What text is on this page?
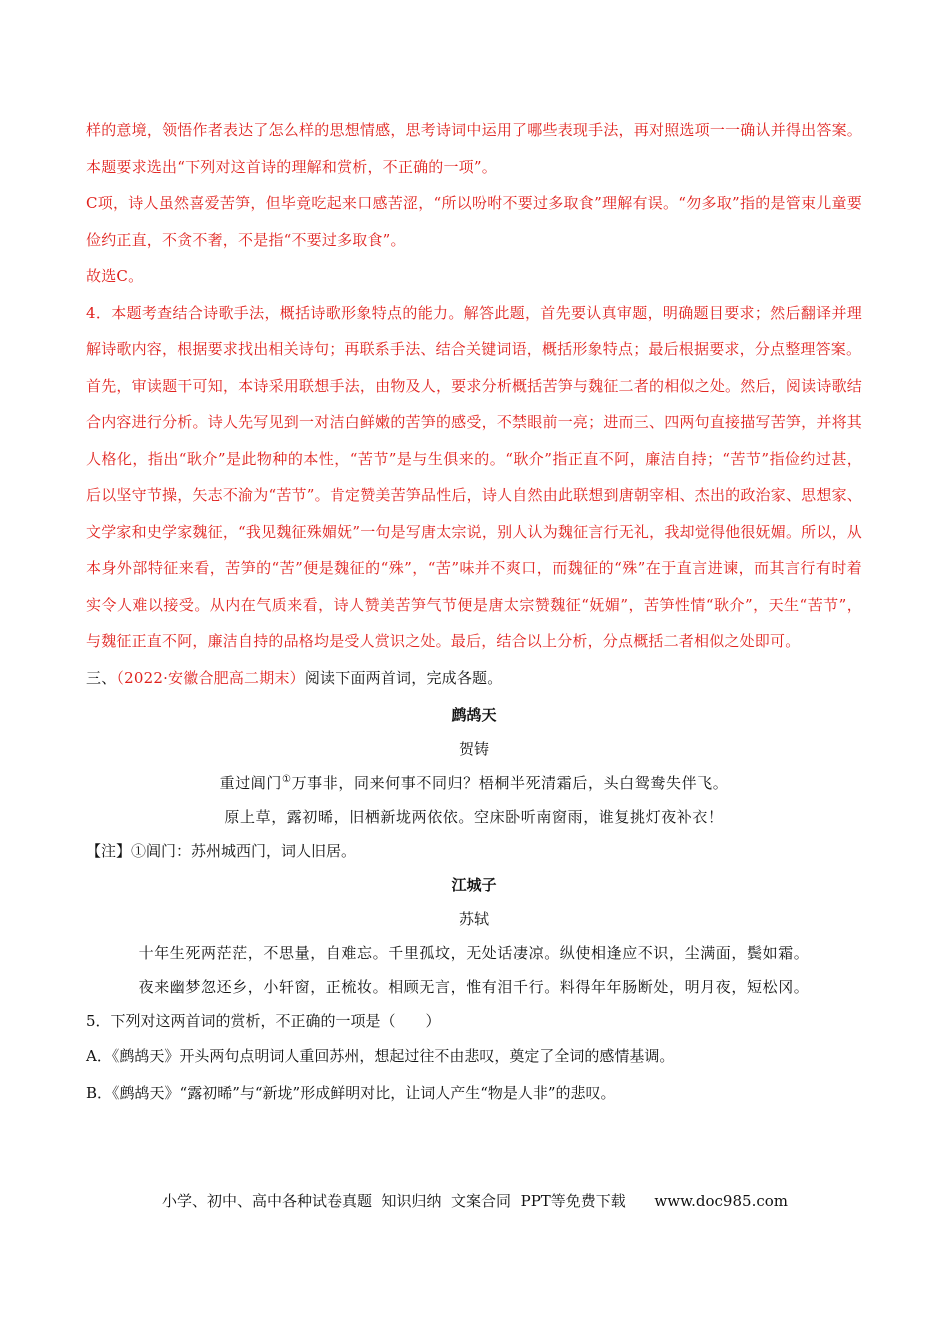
样的意境，领悟作者表达了怎么样的思想情感，思考诗词中运用了哪些表现手法，再对照选项一一确认并得出答案。本题要求选出“下列对这首诗的理解和赏析，不正确的一项”。

C项，诗人虽然喜爱苦笋，但毕竟吃起来口感苦涩，“所以吩咐不要过多取食”理解有误。“勿多取”指的是管束儿童要俭约正直，不贪不奢，不是指“不要过多取食”。

故选C。

4．本题考查结合诗歌手法，概括诗歌形象特点的能力。解答此题，首先要认真审题，明确题目要求；然后翻译并理解诗歌内容，根据要求找出相关诗句；再联系手法、结合关键词语，概括形象特点；最后根据要求，分点整理答案。

首先，审读题干可知，本诗采用联想手法，由物及人，要求分析概括苦笋与魏征二者的相似之处。然后，阅读诗歌结合内容进行分析。诗人先写见到一对洁白鲜嫩的苦笋的感受，不禁眼前一亮；进而三、四两句直接描写苦笋，并将其人格化，指出“耿介”是此物种的本性，“苦节”是与生俱来的。“耿介”指正直不阿，廉洁自持；“苦节”指俭约过甚，后以坚守节操，矢志不渝为“苦节”。肯定赞美苦笋品性后，诗人自然由此联想到唐朝宰相、杰出的政治家、思想家、文学家和史学家魏征，“我见魏征殊媚妩”一句是写唐太宗说，别人认为魏征言行无礼，我却觉得他很妩媚。所以，从本身外部特征来看，苦笋的“苦”便是魏征的“殊”，“苦”味并不爽口，而魏征的“殊”在于直言进谏，而其言行有时着实令人难以接受。从内在气质来看，诗人赞美苦笋气节便是唐太宗赞魏征“妩媚”，苦笋性情“耿介”，天生“苦节”，与魏征正直不阿，廉洁自持的品格均是受人赏识之处。最后，结合以上分析，分点概括二者相似之处即可。

三、（2022·安徽合肥高二期末）阅读下面两首词，完成各题。

鹧鸪天

贺铸

重过阊门①万事非，同来何事不同归？梧桐半死清霜后，头白鸳鸯失伴飞。

原上草，露初晞，旧栖新垅两依依。空床卧听南窗雨，谁复挑灯夜补衣！

【注】①阊门：苏州城西门，词人旧居。

江城子

苏轼

十年生死两茫茫，不思量，自难忘。千里孤坟，无处话凄凉。纵使相逢应不识，尘满面，鬓如霜。

夜来幽梦忽还乡，小轩窗，正梳妆。相顾无言，惟有泪千行。料得年年肠断处，明月夜，短松冈。

5．下列对这两首词的赏析，不正确的一项是（　　）

A．《鹧鸪天》开头两句点明词人重回苏州，想起过往不由悲叹，奠定了全词的感情基调。

B．《鹧鸪天》“露初晞”与“新垅”形成鲜明对比，让词人产生“物是人非”的悲叹。

小学、初中、高中各种试卷真题  知识归纳  文案合同  PPT等免费下载      www.doc985.com
